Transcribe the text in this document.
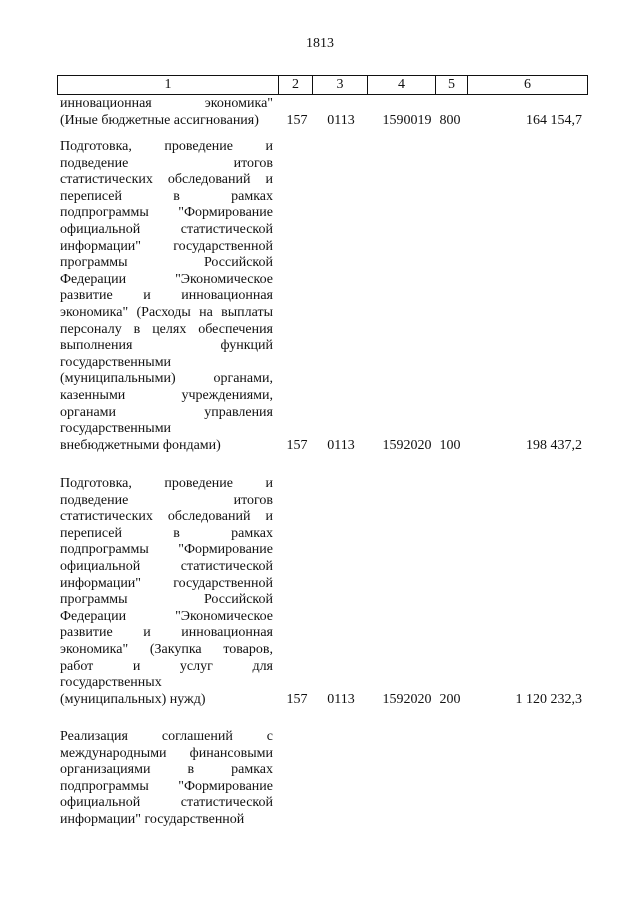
1813
1	2	3	4	5	6
инновационная экономика"
(Иные бюджетные ассигнования)	157 0113	1590019 800	164 154,7
Подготовка, проведение и
подведение итогов
статистических обследований и
переписей в рамках
подпрограммы "Формирование
официальной статистической
информации" государственной
программы Российской
Федерации "Экономическое
развитие и инновационная
экономика" (Расходы на выплаты
персоналу в целях обеспечения
выполнения функций
государственными
(муниципальными) органами,
казенными учреждениями,
органами управления
государственными
внебюджетными фондами)	157 0113	1592020 100	198 437,2
Подготовка, проведение и
подведение итогов
статистических обследований и
переписей в рамках
подпрограммы "Формирование
официальной статистической
информации" государственной
программы Российской
Федерации "Экономическое
развитие и инновационная
экономика" (Закупка товаров,
работ и услуг для
государственных
(муниципальных) нужд)	157 0113	1592020 200	1 120 232,3
Реализация соглашений с
международными финансовыми
организациями в рамках
подпрограммы "Формирование
официальной статистической
информации" государственной
